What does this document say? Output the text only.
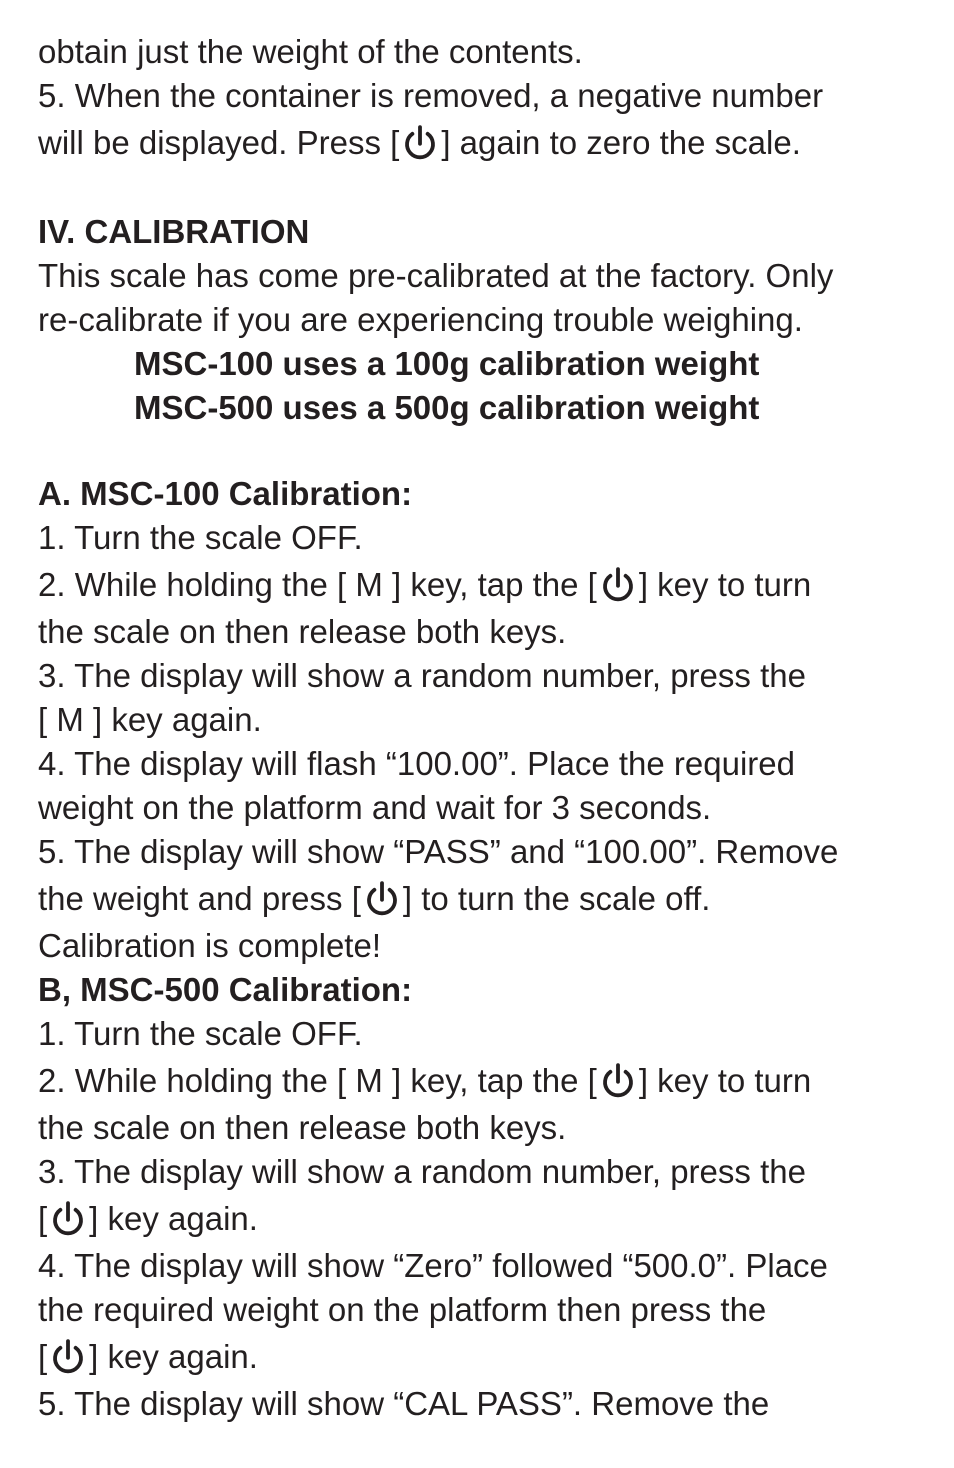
obtain just the weight of the contents.
5. When the container is removed, a negative number
will be displayed. Press [ ] again to zero the scale.
IV. CALIBRATION
This scale has come pre-calibrated at the factory. Only
re-calibrate if you are experiencing trouble weighing.
MSC-100 uses a 100g calibration weight
MSC-500 uses a 500g calibration weight
A. MSC-100 Calibration:
1. Turn the scale OFF.
2. While holding the [ M ] key, tap the [ ] key to turn
the scale on then release both keys.
3. The display will show a random number, press the
[ M ] key again.
4. The display will flash “100.00”. Place the required
weight on the platform and wait for 3 seconds.
5. The display will show “PASS” and “100.00”. Remove
the weight and press [ ] to turn the scale off.
Calibration is complete!
B, MSC-500 Calibration:
1. Turn the scale OFF.
2. While holding the [ M ] key, tap the [ ] key to turn
the scale on then release both keys.
3. The display will show a random number, press the
[ ] key again.
4. The display will show “Zero” followed “500.0”. Place
the required weight on the platform then press the
[ ] key again.
5. The display will show “CAL PASS”. Remove the
